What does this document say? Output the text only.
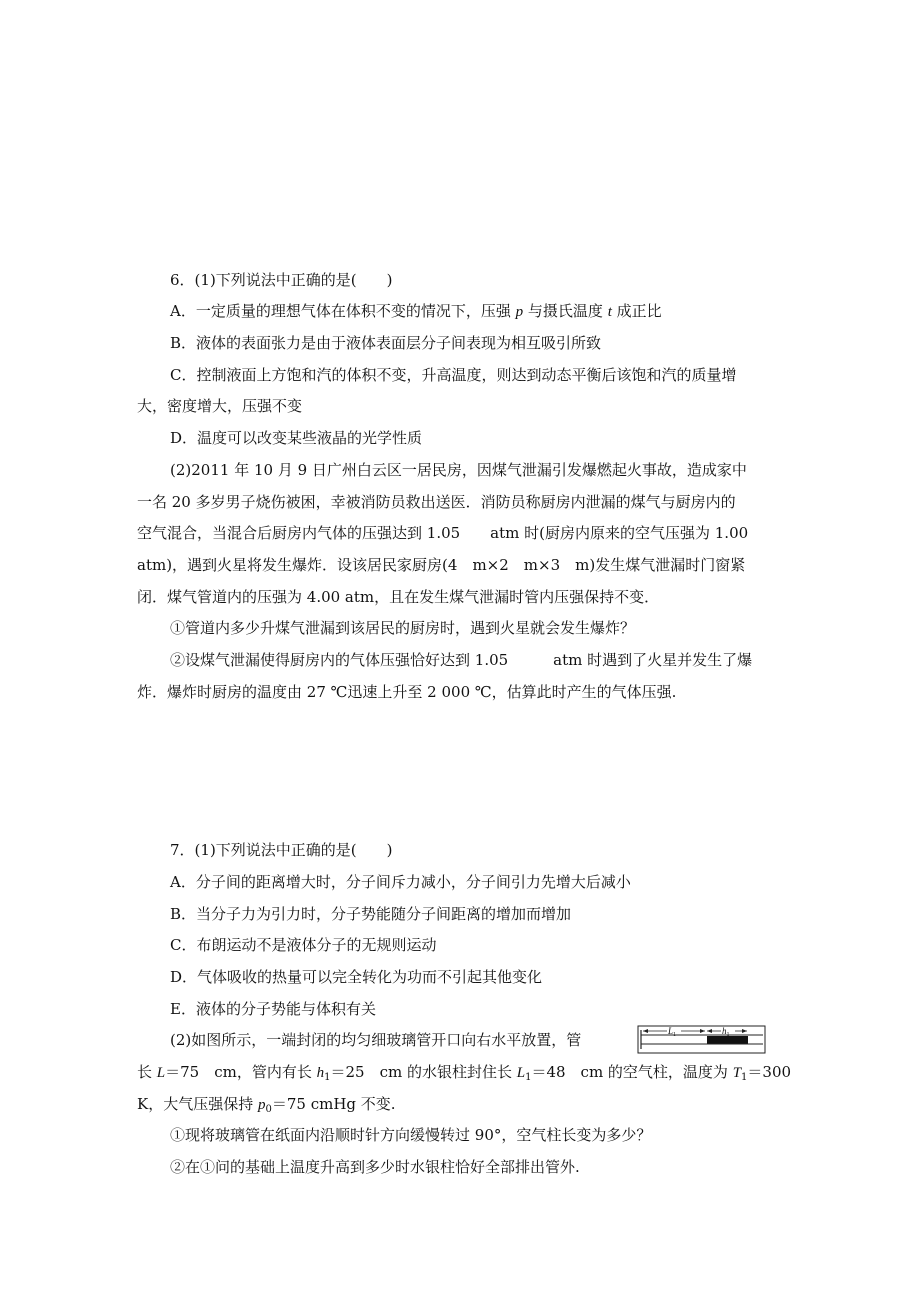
6．(1)下列说法中正确的是(　　)
A．一定质量的理想气体在体积不变的情况下，压强 p 与摄氏温度 t 成正比
B．液体的表面张力是由于液体表面层分子间表现为相互吸引所致
C．控制液面上方饱和汽的体积不变，升高温度，则达到动态平衡后该饱和汽的质量增
大，密度增大，压强不变
D．温度可以改变某些液晶的光学性质
(2)2011 年 10 月 9 日广州白云区一居民房，因煤气泄漏引发爆燃起火事故，造成家中
一名 20 多岁男子烧伤被困，幸被消防员救出送医．消防员称厨房内泄漏的煤气与厨房内的
空气混合，当混合后厨房内气体的压强达到 1.05　　atm 时(厨房内原来的空气压强为 1.00
atm)，遇到火星将发生爆炸．设该居民家厨房(4　m×2　m×3　m)发生煤气泄漏时门窗紧
闭．煤气管道内的压强为 4.00 atm，且在发生煤气泄漏时管内压强保持不变．
①管道内多少升煤气泄漏到该居民的厨房时，遇到火星就会发生爆炸？
②设煤气泄漏使得厨房内的气体压强恰好达到 1.05　　　atm 时遇到了火星并发生了爆
炸．爆炸时厨房的温度由 27 ℃迅速上升至 2 000 ℃，估算此时产生的气体压强.
7．(1)下列说法中正确的是(　　)
A．分子间的距离增大时，分子间斥力减小，分子间引力先增大后减小
B．当分子力为引力时，分子势能随分子间距离的增加而增加
C．布朗运动不是液体分子的无规则运动
D．气体吸收的热量可以完全转化为功而不引起其他变化
E．液体的分子势能与体积有关
(2)如图所示，一端封闭的均匀细玻璃管开口向右水平放置，管
长 L＝75　cm，管内有长 $h_1=25$　cm 的水银柱封住长 $L_1=48$　cm 的空气柱，温度为 $T_1=300$
K，大气压强保持 $p_0=75$ cmHg 不变.
①现将玻璃管在纸面内沿顺时针方向缓慢转过 90°，空气柱长变为多少？
②在①问的基础上温度升高到多少时水银柱恰好全部排出管外.
$L_1$	$h_1$
